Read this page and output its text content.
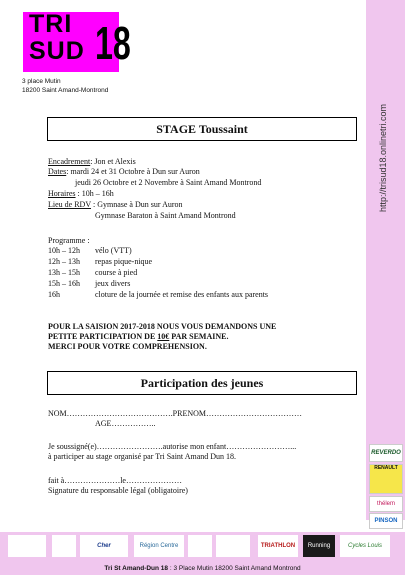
TRI
SUD 18
3 place Mutin
18200 Saint Amand-Montrond
http://trisud18.onlinetri.com
REVERDO
RENAULT
thélem
PINSON
STAGE Toussaint
Encadrement: Jon et Alexis
Dates: mardi 24 et 31 Octobre à Dun sur Auron
jeudi 26 Octobre et 2 Novembre à Saint Amand Montrond
Horaires : 10h – 16h
Lieu de RDV : Gymnase à Dun sur Auron
Gymnase Baraton à Saint Amand Montrond
Programme :
10h – 12h vélo (VTT)
12h – 13h repas pique-nique
13h – 15h course à pied
15h – 16h jeux divers
16h	cloture de la journée et remise des enfants aux parents
POUR LA SAISION 2017-2018 NOUS VOUS DEMANDONS UNE
PETITE PARTICIPATION DE 10€ PAR SEMAINE.
MERCI POUR VOTRE COMPREHENSION.
Participation des jeunes
NOM………………………………….PRENOM………………………………
AGE……………..
Je soussigné(e)…………………….autorise mon enfant……………………...
à participer au stage organisé par Tri Saint Amand Dun 18.
fait à…………………le…………………
Signature du responsable légal (obligatoire)
Cher	Région Centre	TRIATHLON	Running	Cycles Louis
Tri St Amand-Dun 18 : 3 Place Mutin 18200 Saint Amand Montrond
